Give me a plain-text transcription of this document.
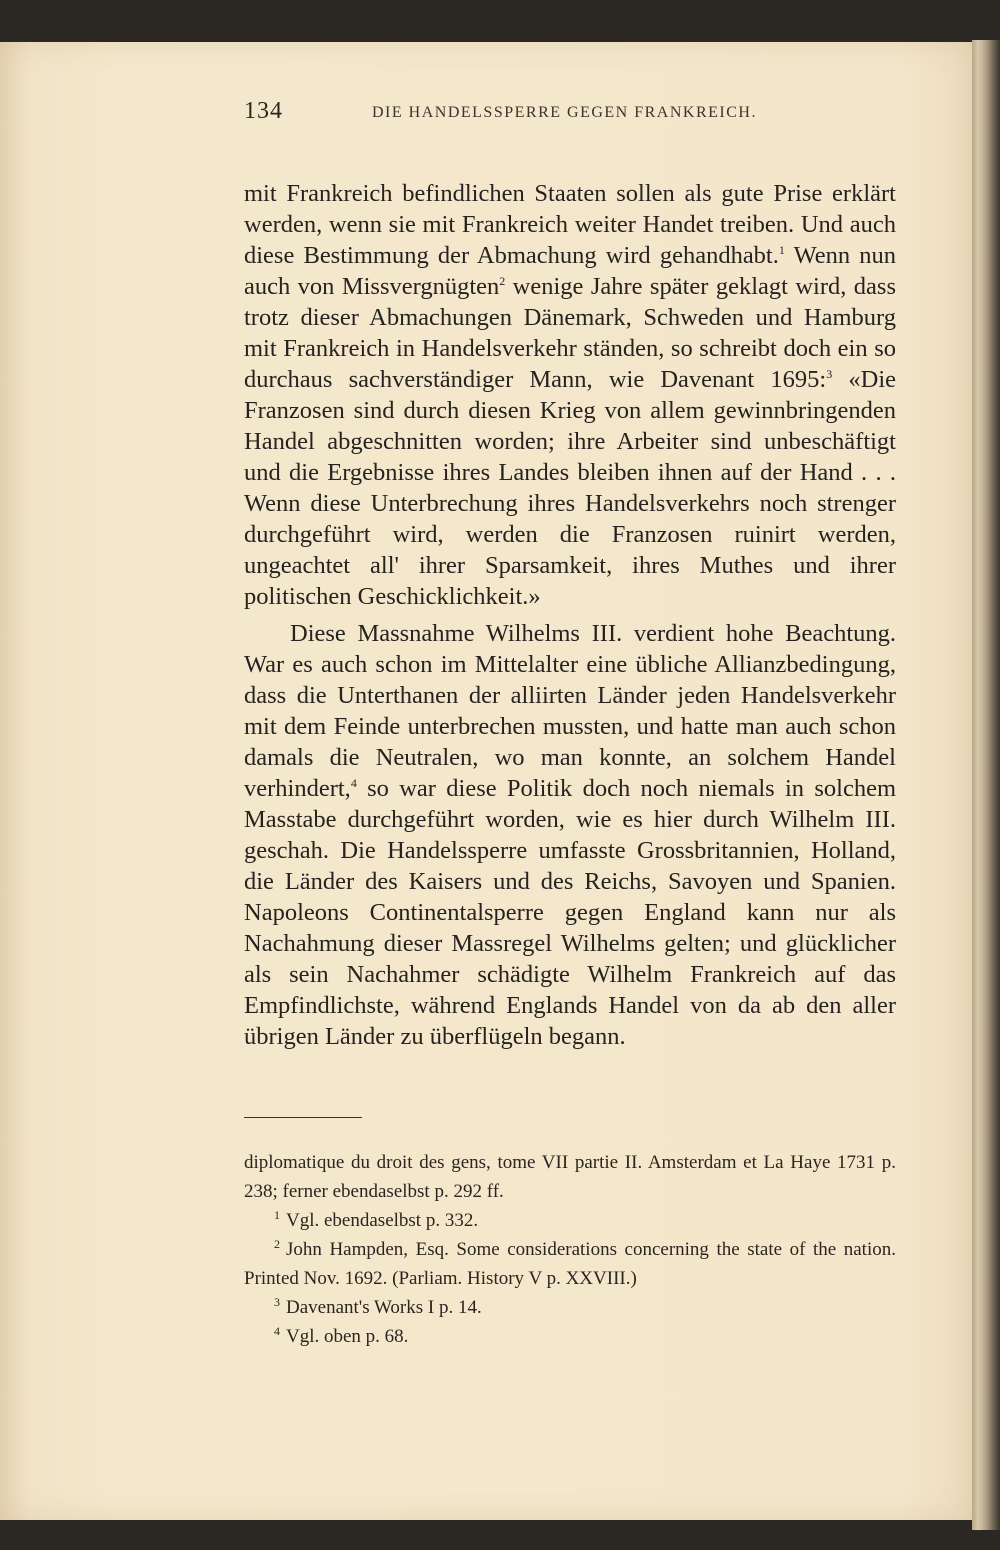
134	DIE HANDELSSPERRE GEGEN FRANKREICH.

mit Frankreich befindlichen Staaten sollen als gute Prise erklärt werden, wenn sie mit Frankreich weiter Handet treiben. Und auch diese Bestimmung der Abmachung wird gehandhabt.$^1$ Wenn nun auch von Missvergnügten$^2$ wenige Jahre später geklagt wird, dass trotz dieser Abmachungen Dänemark, Schweden und Hamburg mit Frankreich in Handelsverkehr ständen, so schreibt doch ein so durchaus sachverständiger Mann, wie Davenant 1695:$^3$ «Die Franzosen sind durch diesen Krieg von allem gewinnbringenden Handel abgeschnitten worden; ihre Arbeiter sind unbeschäftigt und die Ergebnisse ihres Landes bleiben ihnen auf der Hand . . . Wenn diese Unterbrechung ihres Handelsverkehrs noch strenger durchgeführt wird, werden die Franzosen ruinirt werden, ungeachtet all' ihrer Sparsamkeit, ihres Muthes und ihrer politischen Geschicklichkeit.»

Diese Massnahme Wilhelms III. verdient hohe Beachtung. War es auch schon im Mittelalter eine übliche Allianzbedingung, dass die Unterthanen der alliirten Länder jeden Handelsverkehr mit dem Feinde unterbrechen mussten, und hatte man auch schon damals die Neutralen, wo man konnte, an solchem Handel verhindert,$^4$ so war diese Politik doch noch niemals in solchem Masstabe durchgeführt worden, wie es hier durch Wilhelm III. geschah. Die Handelssperre umfasste Grossbritannien, Holland, die Länder des Kaisers und des Reichs, Savoyen und Spanien. Napoleons Continentalsperre gegen England kann nur als Nachahmung dieser Massregel Wilhelms gelten; und glücklicher als sein Nachahmer schädigte Wilhelm Frankreich auf das Empfindlichste, während Englands Handel von da ab den aller übrigen Länder zu überflügeln begann.

diplomatique du droit des gens, tome VII partie II. Amsterdam et La Haye 1731 p. 238; ferner ebendaselbst p. 292 ff.

$^1$ Vgl. ebendaselbst p. 332.

$^2$ John Hampden, Esq. Some considerations concerning the state of the nation. Printed Nov. 1692. (Parliam. History V p. XXVIII.)

$^3$ Davenant's Works I p. 14.

$^4$ Vgl. oben p. 68.
